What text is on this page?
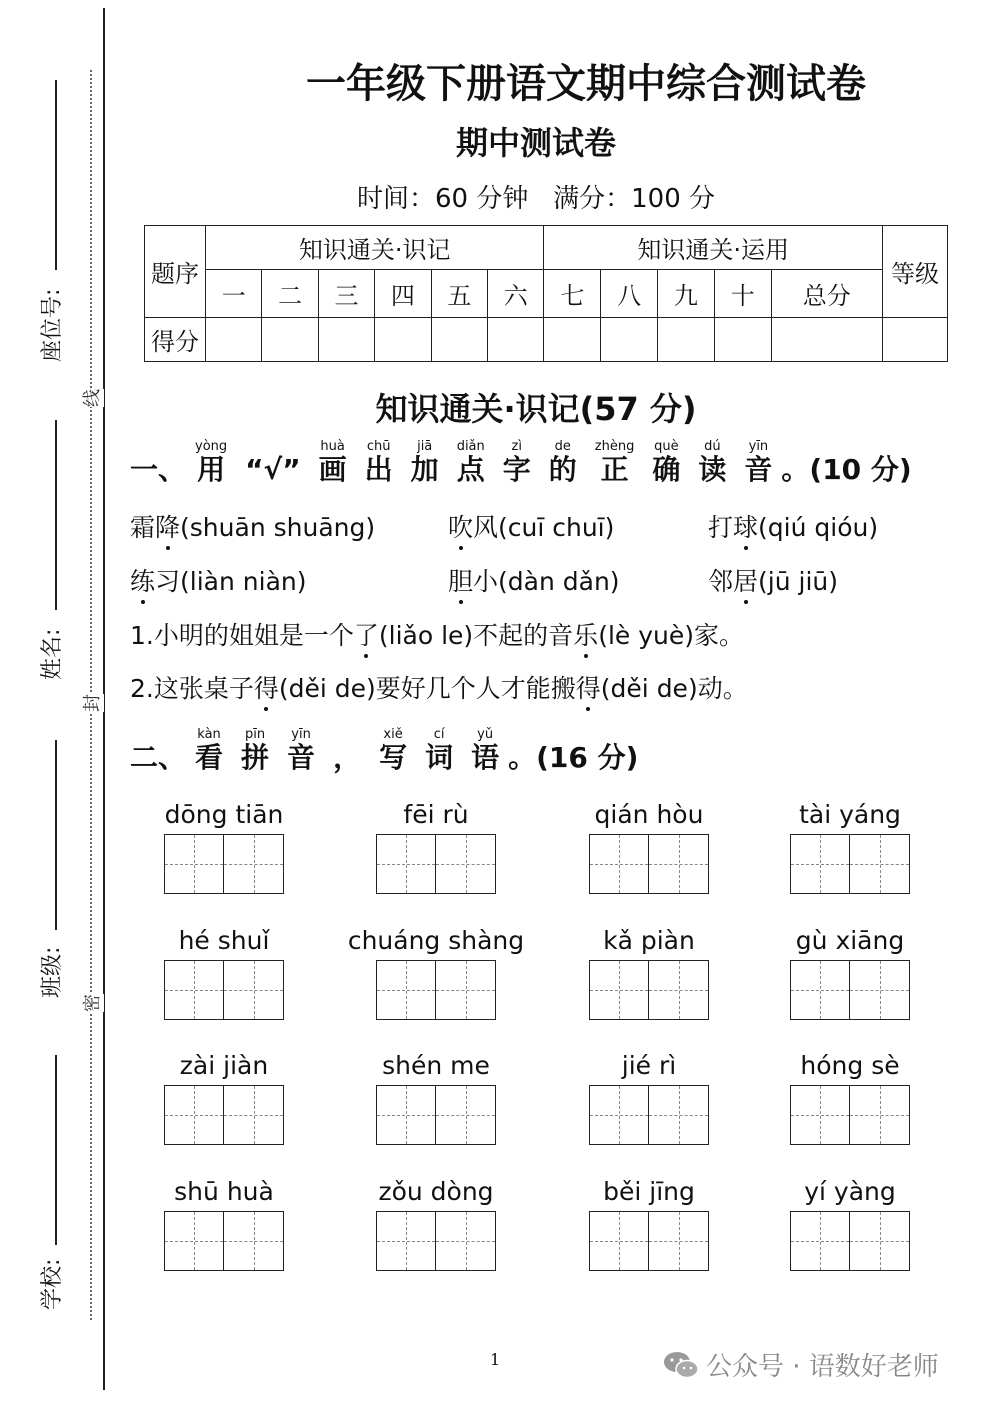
座位号:
姓名:
班级:
学校:
线
封
密
一年级下册语文期中综合测试卷
期中测试卷
时间：60 分钟   满分：100 分
题序	知识通关·识记						知识通关·运用					等级
	一	二	三	四	五	六	七	八	九	十	总分	
得分												
知识通关·识记(57 分)
一、
yòng
用
“√”
huà
画
chū
出
jiā
加
diǎn
点
zì
字
de
的
zhèng
正
què
确
dú
读
yīn
音 。(10 分)
霜降(shuān shuāng)	吹风(cuī chuī)	打球(qiú qióu)
练习(liàn niàn)	胆小(dàn dǎn)	邻居(jū jiū)
1.小明的姐姐是一个了(liǎo le)不起的音乐(lè yuè)家。
2.这张桌子得(děi de)要好几个人才能搬得(děi de)动。
二、
kàn
看
pīn
拼
yīn
音
，
xiě
写
cí
词
yǔ
语 。(16 分)
dōng tiān	fēi rù	qián hòu	tài yáng
hé shuǐ	chuáng shàng	kǎ piàn	gù xiāng
zài jiàn	shén me	jié rì	hóng sè
shū huà	zǒu dòng	běi jīng	yí yàng
1	公众号 · 语数好老师
